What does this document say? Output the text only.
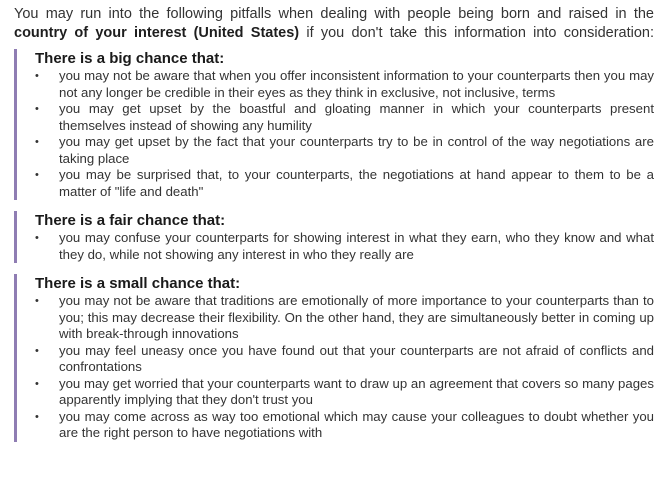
You may run into the following pitfalls when dealing with people being born and raised in the country of your interest (United States) if you don't take this information into consideration:

There is a big chance that:
•	you may not be aware that when you offer inconsistent information to your counterparts then you may not any longer be credible in their eyes as they think in exclusive, not inclusive, terms
•	you may get upset by the boastful and gloating manner in which your counterparts present themselves instead of showing any humility
•	you may get upset by the fact that your counterparts try to be in control of the way negotiations are taking place
•	you may be surprised that, to your counterparts, the negotiations at hand appear to them to be a matter of "life and death"
There is a fair chance that:
•	you may confuse your counterparts for showing interest in what they earn, who they know and what they do, while not showing any interest in who they really are
There is a small chance that:
•	you may not be aware that traditions are emotionally of more importance to your counterparts than to you; this may decrease their flexibility. On the other hand, they are simultaneously better in coming up with break-through innovations
•	you may feel uneasy once you have found out that your counterparts are not afraid of conflicts and confrontations
•	you may get worried that your counterparts want to draw up an agreement that covers so many pages apparently implying that they don't trust you
•	you may come across as way too emotional which may cause your colleagues to doubt whether you are the right person to have negotiations with
